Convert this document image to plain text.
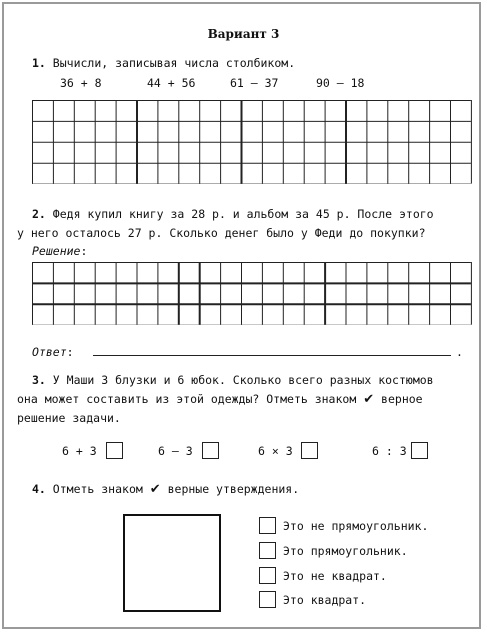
Вариант 3
1. Вычисли, записывая числа столбиком.
36 + 8	44 + 56	61 – 37	90 – 18
2. Федя купил книгу за 28 р. и альбом за 45 р. После этого
у него осталось 27 р. Сколько денег было у Феди до покупки?
Решение:
Ответ:	.
3. У Маши 3 блузки и 6 юбок. Сколько всего разных костюмов
она может составить из этой одежды? Отметь знаком ✔ верное
решение задачи.
6 + 3	6 – 3	6 × 3	6 : 3
4. Отметь знаком ✔ верные утверждения.
Это не прямоугольник.
Это прямоугольник.
Это не квадрат.
Это квадрат.
